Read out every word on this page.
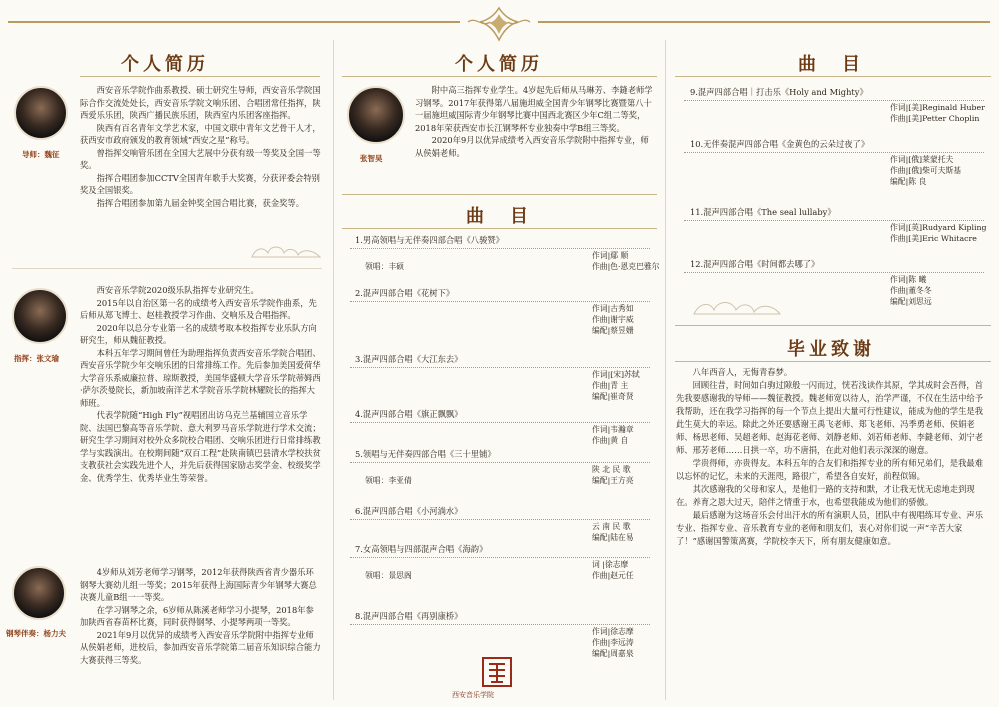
个人简历
导师：魏征

西安音乐学院作曲系教授、硕士研究生导师，西安音乐学院国际合作交流处处长，西安音乐学院文响乐团、合唱团常任指挥，陕西爱乐乐团，陕西广播民族乐团，陕西室内乐团客座指挥。

陕西有百名青年文学艺术家，中国文联中青年文艺骨干人才，获西安市政府颁发的教育领域“西安之星”称号。

曾指挥交响管乐团在全国大艺展中分获有级一等奖及全国一等奖。

指挥合唱团参加CCTV全国青年歌手大奖赛，分获评委会特别奖及全国银奖。

指挥合唱团参加第九届金钟奖全国合唱比赛，获金奖等。

指挥：张文瑜

西安音乐学院2020级乐队指挥专业研究生。

2015年以自治区第一名的成绩考入西安音乐学院作曲系，先后师从郑飞博士、赵桂教授学习作曲、交响乐及合唱指挥。

2020年以总分专业第一名的成绩考取本校指挥专业乐队方向研究生，师从魏征教授。

本科五年学习期间曾任为助理指挥负责西安音乐学院合唱团、西安音乐学院少年交响乐团的日常排练工作。先后参加美国爱荷华大学音乐系威廉拉普、琼斯教授，美国华盛顿大学音乐学院蒂姆西·萨尔茨曼院长，新加坡南洋艺术学院音乐学院林耀院长的指挥大师班。

代表学院随“High Fly”视唱团出访乌克兰基辅国立音乐学院、法国巴黎高等音乐学院、意大利罗马音乐学院进行学术交流；研究生学习期间对校外众多院校合唱团、交响乐团进行日常排练教学与实践演出。在校期间随“双百工程”赴陕南镇巴县清水学校扶贫支教获社会实践先进个人，并先后获得国家励志奖学金、校级奖学金、优秀学生、优秀毕业生等荣誉。

钢琴伴奏：杨力夫

4岁师从刘芳老师学习钢琴，2012年获得陕西省青少器乐环钢琴大赛幼儿组一等奖；2015年获得上海国际青少年钢琴大赛总决赛儿童B组一一等奖。

在学习钢琴之余，6岁师从陈溪老师学习小提琴，2018年参加陕西省春苗杯比赛，同时获得钢琴、小提琴两项一等奖。

2021年9月以优异的成绩考入西安音乐学院附中指挥专业师从侯娟老师，进校后，参加西安音乐学院第二届音乐知识综合能力大赛获得三等奖。

个人简历
张智昊

附中高三指挥专业学生。4岁起先后师从马琳芳、李鏠老师学习钢琴。2017年获得第八届施坦威全国青少年钢琴比赛暨第八十一届施坦威国际青少年钢琴比赛中国西北赛区少年C组二等奖，2018年荣获西安市长江钢琴杯专业独奏中学B组三等奖。

2020年9月以优异成绩考入西安音乐学院附中指挥专业，师从侯娟老师。

曲　目
1.男高领唱与无伴奏四部合唱《八骏赞》
作词|鄢 顺
作曲|色·恩克巴雅尔
领唱：丰硕
2.混声四部合唱《花树下》
作词|古秀如
作曲|谢宇威
编配|蔡昱姗
3.混声四部合唱《大江东去》
作词|[宋]苏轼
作曲|青 主
编配|崔奇贤
4.混声四部合唱《旗正飘飘》
作词|韦瀚章
作曲|黄 自
5.领唱与无伴奏四部合唱《三十里铺》
陕 北 民 歌
编配|王方亮
领唱：李亚倩
6.混声四部合唱《小河淌水》
云 南 民 歌
编配|陆在易
7.女高领唱与四部混声合唱《海韵》
词 |徐志摩
作曲|赵元任
领唱：景思阁
8.混声四部合唱《再别康桥》
作词|徐志摩
作曲|李远涛
编配|周嘉泉
西安音乐学院
曲　目
9.混声四部合唱｜打击乐《Holy and Mighty》
作词|[美]Reginald Huber
作曲|[美]Petter Choplin
10.无伴奏混声四部合唱《金黄色的云朵过夜了》
作词|[俄]莱蒙托夫
作曲|[俄]柴可夫斯基
编配|陈 良
11.混声四部合唱《The seal lullaby》
作词|[英]Rudyard Kipling
作曲|[美]Eric Whitacre
12.混声四部合唱《时间都去哪了》
作词|陈 曦
作曲|董冬冬
编配|刘思远
毕业致谢

八年西音人，无悔青春梦。

回顾往昔，时间如白驹过隙般一闪而过，恍若浅读作其原，学其成时会吾得，首先我要感谢我的导师——魏征教授。魏老师宽以待人，治学严谨，不仅在生活中给予我帮助，还在我学习指挥的每一个节点上提出大量可行性建议，能成为他的学生是我此生莫大的幸运。除此之外还要感谢王禹飞老师、郑飞老师、冯季勇老师、侯娟老师、杨思老师、吴超老师、赵海花老师、刘静老师、刘若师老师、李鏠老师、刘宁老师、邢芳老师……日拱一卒，功不唐捐，在此对他们表示深深的谢意。

学贵得师，亦贵得友。本科五年的合友们和指挥专业的所有师兄弟们，是我最难以忘怀的记忆，未来的天涯咫，路很广，希望各自安好，前程似锦。

其次感谢我的父母和家人，是他们一路的支持和默，才让我无忧无虑地走到现在。养育之恩大过天，陪伴之情重于水，也希望我能成为他们的骄傲。

最后感谢为这场音乐会付出汗水的所有演职人员，团队中有视唱练耳专业、声乐专业、指挥专业、音乐教育专业的老师和朋友们，衷心对你们说一声“辛苦大家了！”感谢国警策离赛，学院校李天下，所有朋友健康如意。
